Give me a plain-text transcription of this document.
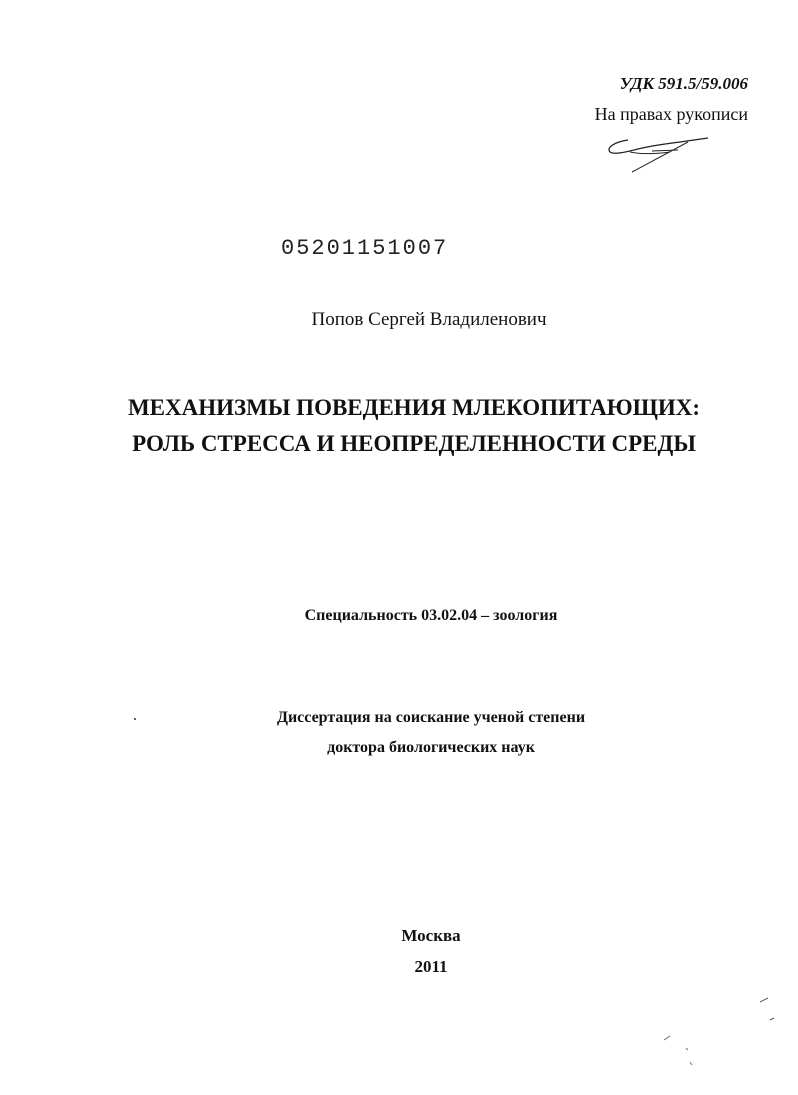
УДК 591.5/59.006
На правах рукописи
05201151007
Попов Сергей Владиленович
МЕХАНИЗМЫ ПОВЕДЕНИЯ МЛЕКОПИТАЮЩИХ:
РОЛЬ СТРЕССА И НЕОПРЕДЕЛЕННОСТИ СРЕДЫ
Специальность 03.02.04 – зоология
Диссертация на соискание ученой степени
доктора биологических наук
Москва
2011
